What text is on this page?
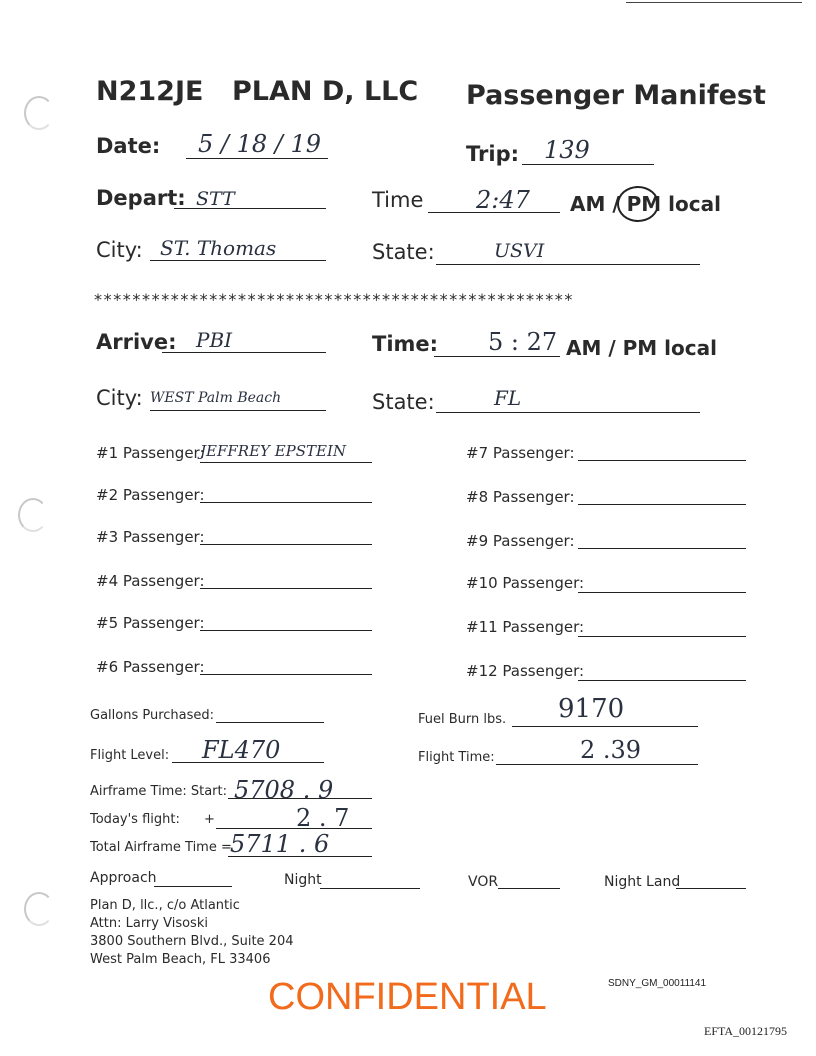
N212JE PLAN D, LLC Passenger Manifest
Date: 5 / 18 / 19	Trip: 139
Depart: STT	Time 2:47 AM / PM local
City: ST. Thomas	State:	USVI
**************************************************
Arrive: PBI	Time: 5 : 27 AM / PM local
City: WEST Palm Beach	State:	FL
#1 Passenger:
JEFFREY EPSTEIN
#2 Passenger:
#3 Passenger:
#4 Passenger:
#5 Passenger:
#6 Passenger:
#7 Passenger:
#8 Passenger:
#9 Passenger:
#10 Passenger:
#11 Passenger:
#12 Passenger:
Gallons Purchased:	Fuel Burn lbs. 9170
Flight Level: FL470	Flight Time:	2 .39
Airframe Time: Start: 5708 . 9
Today's flight: +	2 . 7
Total Airframe Time =
5711 . 6
Approach	Night	VOR	Night Land
Plan D, llc., c/o Atlantic
Attn: Larry Visoski
3800 Southern Blvd., Suite 204
West Palm Beach, FL 33406
SDNY_GM_00011141
CONFIDENTIAL
EFTA_00121795
